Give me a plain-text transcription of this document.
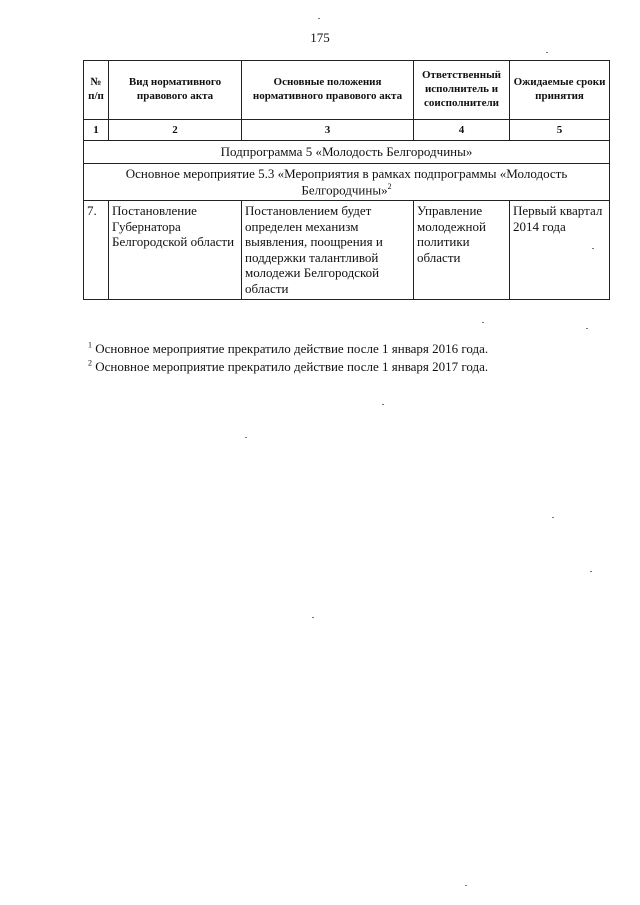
175
№ п/п	Вид нормативного правового акта	Основные положения нормативного правового акта	Ответственный исполнитель и соисполнители	Ожидаемые сроки принятия
1	2	3	4	5
Подпрограмма 5 «Молодость Белгородчины»				
Основное мероприятие 5.3 «Мероприятия в рамках подпрограммы «Молодость Белгородчины»$^2$
7.	Постановление Губернатора Белгородской области	Постановлением будет определен механизм выявления, поощрения и поддержки талантливой молодежи Белгородской области	Управление молодежной политики области	Первый квартал 2014 года

$^1$ Основное мероприятие прекратило действие после 1 января 2016 года.

$^2$ Основное мероприятие прекратило действие после 1 января 2017 года.
